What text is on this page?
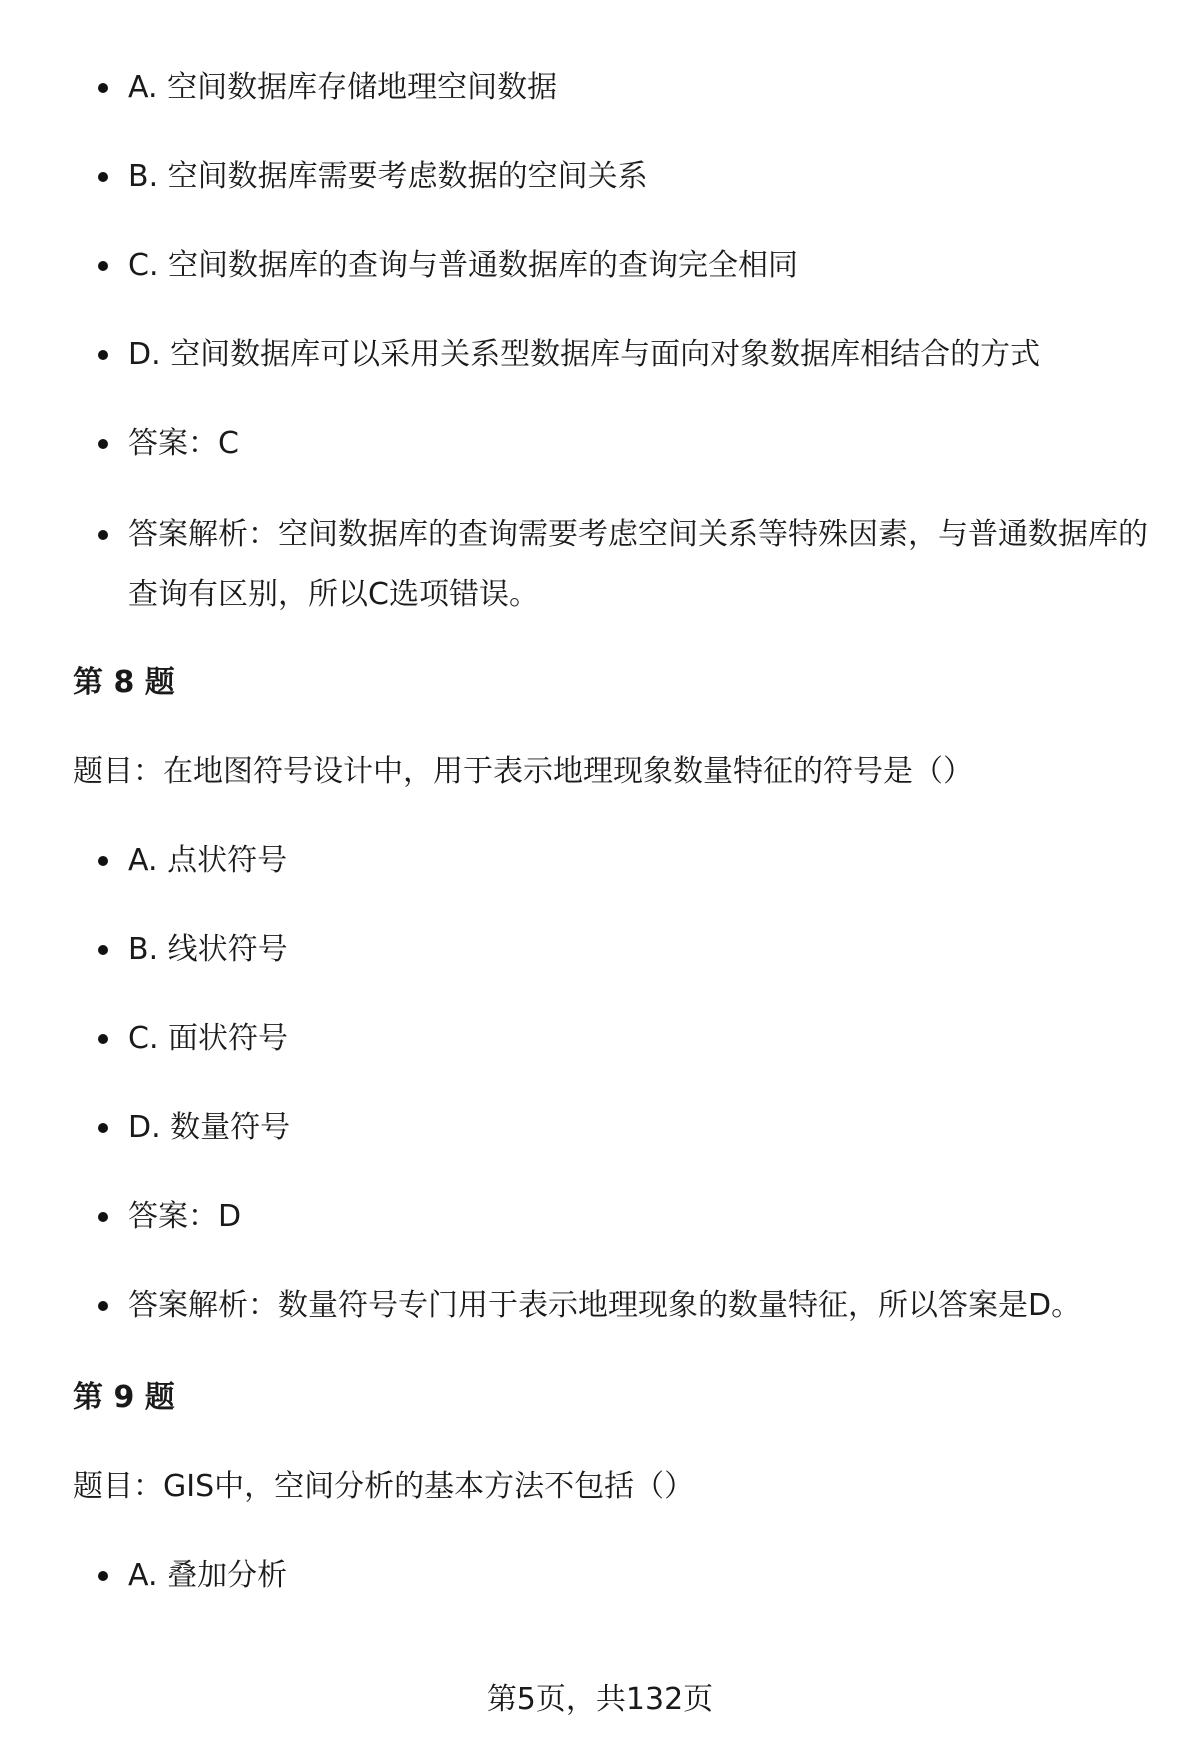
A. 空间数据库存储地理空间数据
B. 空间数据库需要考虑数据的空间关系
C. 空间数据库的查询与普通数据库的查询完全相同
D. 空间数据库可以采用关系型数据库与面向对象数据库相结合的方式
答案：C
答案解析：空间数据库的查询需要考虑空间关系等特殊因素，与普通数据库的查询有区别，所以C选项错误。
第 8 题
题目：在地图符号设计中，用于表示地理现象数量特征的符号是（）
A. 点状符号
B. 线状符号
C. 面状符号
D. 数量符号
答案：D
答案解析：数量符号专门用于表示地理现象的数量特征，所以答案是D。
第 9 题
题目：GIS中，空间分析的基本方法不包括（）
A. 叠加分析
第5页，共132页
